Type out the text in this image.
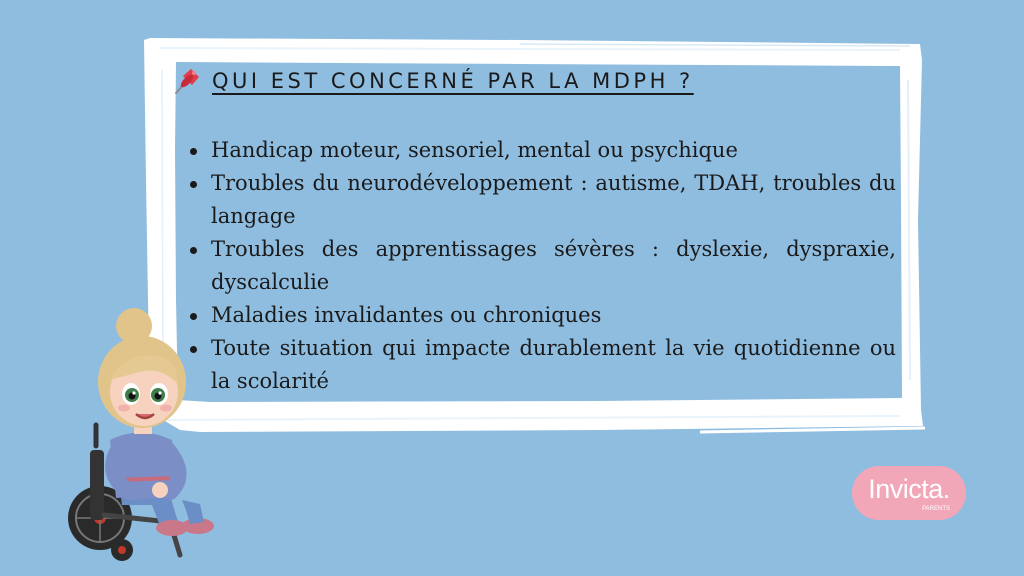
QUI EST CONCERNÉ PAR LA MDPH ?
Handicap moteur, sensoriel, mental ou psychique
Troubles du neurodéveloppement : autisme, TDAH, troubles du langage
Troubles des apprentissages sévères : dyslexie, dyspraxie, dyscalculie
Maladies invalidantes ou chroniques
Toute situation qui impacte durablement la vie quotidienne ou la scolarité
Invicta.
PARENTS
